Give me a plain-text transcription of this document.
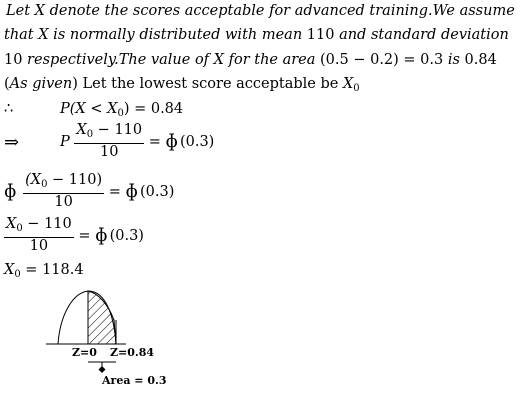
Let X denote the scores acceptable for advanced training.We assume
that X is normally distributed with mean 110 and standard deviation
10 respectively.The value of X for the area (0.5 − 0.2) = 0.3 is 0.84
(As given) Let the lowest score acceptable be $X_0$
∴	$P(X < X_0) = 0.84$
⇒	P $\frac{X_0 - 110}{10}$ = ɸ (0.3)
ɸ $\frac{(X_0 - 110)}{10}$ = ɸ (0.3)
$\frac{X_0 - 110}{10}$ = ɸ (0.3)
$X_0 = 118.4$
Z=0 Z=0.84
Area = 0.3
